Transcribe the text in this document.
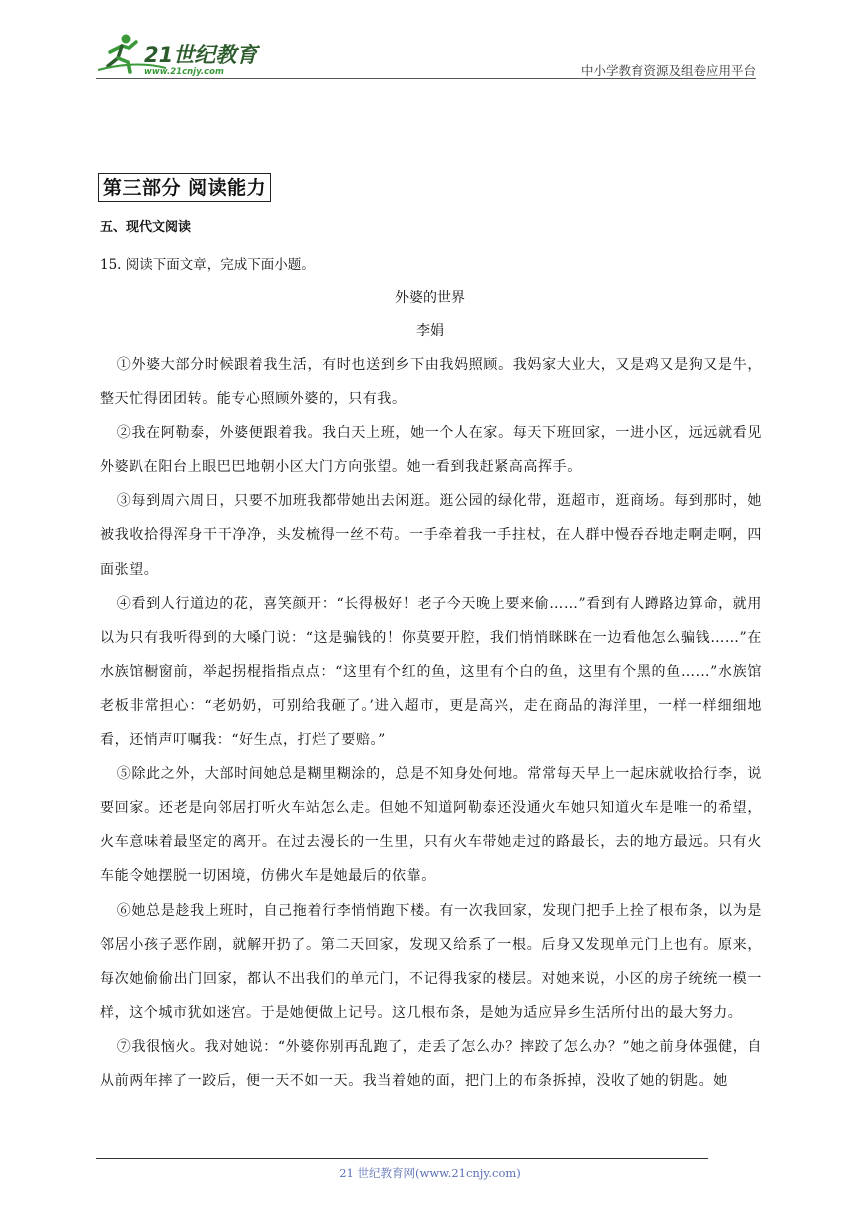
21世纪教育
www.21cnjy.com	中小学教育资源及组卷应用平台
第三部分 阅读能力
五、现代文阅读
15. 阅读下面文章，完成下面小题。
外婆的世界
李娟

①外婆大部分时候跟着我生活，有时也送到乡下由我妈照顾。我妈家大业大，又是鸡又是狗又是牛，整天忙得团团转。能专心照顾外婆的，只有我。

②我在阿勒泰，外婆便跟着我。我白天上班，她一个人在家。每天下班回家，一进小区，远远就看见外婆趴在阳台上眼巴巴地朝小区大门方向张望。她一看到我赶紧高高挥手。

③每到周六周日，只要不加班我都带她出去闲逛。逛公园的绿化带，逛超市，逛商场。每到那时，她被我收拾得浑身干干净净，头发梳得一丝不苟。一手牵着我一手拄杖，在人群中慢吞吞地走啊走啊，四面张望。

④看到人行道边的花，喜笑颜开：“长得极好！老子今天晚上要来偷……”看到有人蹲路边算命，就用以为只有我听得到的大嗓门说：“这是骗钱的！你莫要开腔，我们悄悄眯眯在一边看他怎么骗钱……”在水族馆橱窗前，举起拐棍指指点点：“这里有个红的鱼，这里有个白的鱼，这里有个黑的鱼……”水族馆老板非常担心：“老奶奶，可别给我砸了。’进入超市，更是高兴，走在商品的海洋里，一样一样细细地看，还悄声叮嘱我：“好生点，打烂了要赔。”

⑤除此之外，大部时间她总是糊里糊涂的，总是不知身处何地。常常每天早上一起床就收拾行李，说要回家。还老是向邻居打听火车站怎么走。但她不知道阿勒泰还没通火车她只知道火车是唯一的希望，火车意味着最坚定的离开。在过去漫长的一生里，只有火车带她走过的路最长，去的地方最远。只有火车能令她摆脱一切困境，仿佛火车是她最后的依靠。

⑥她总是趁我上班时，自己拖着行李悄悄跑下楼。有一次我回家，发现门把手上拴了根布条，以为是邻居小孩子恶作剧，就解开扔了。第二天回家，发现又给系了一根。后身又发现单元门上也有。原来，每次她偷偷出门回家，都认不出我们的单元门，不记得我家的楼层。对她来说，小区的房子统统一模一样，这个城市犹如迷宫。于是她便做上记号。这几根布条，是她为适应异乡生活所付出的最大努力。

⑦我很恼火。我对她说：“外婆你别再乱跑了，走丢了怎么办？摔跤了怎么办？”她之前身体强健，自从前两年摔了一跤后，便一天不如一天。我当着她的面，把门上的布条拆掉，没收了她的钥匙。她

21 世纪教育网(www.21cnjy.com)
